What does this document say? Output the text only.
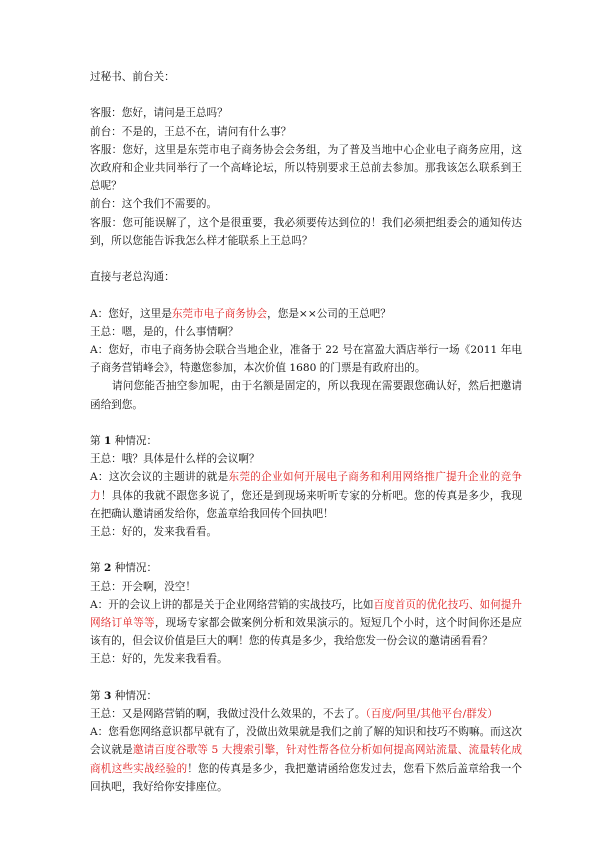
过秘书、前台关：

客服：您好，请问是王总吗？

前台：不是的，王总不在，请问有什么事？

客服：您好，这里是东莞市电子商务协会会务组，为了普及当地中心企业电子商务应用，这次政府和企业共同举行了一个高峰论坛，所以特别要求王总前去参加。那我该怎么联系到王总呢？

前台：这个我们不需要的。

客服：您可能误解了，这个是很重要，我必须要传达到位的！我们必须把组委会的通知传达到，所以您能告诉我怎么样才能联系上王总吗？

直接与老总沟通：

A：您好，这里是东莞市电子商务协会，您是××公司的王总吧？

王总：嗯，是的，什么事情啊？

A：您好，市电子商务协会联合当地企业，准备于 22 号在富盈大酒店举行一场《2011 年电子商务营销峰会》，特邀您参加，本次价值 1680 的门票是有政府出的。

请问您能否抽空参加呢，由于名额是固定的，所以我现在需要跟您确认好，然后把邀请函给到您。

第 1 种情况：

王总：哦？具体是什么样的会议啊？

A：这次会议的主题讲的就是东莞的企业如何开展电子商务和利用网络推广提升企业的竞争力！具体的我就不跟您多说了，您还是到现场来听听专家的分析吧。您的传真是多少，我现在把确认邀请函发给你，您盖章给我回传个回执吧！

王总：好的，发来我看看。

第 2 种情况：

王总：开会啊，没空！

A：开的会议上讲的都是关于企业网络营销的实战技巧，比如百度首页的优化技巧、如何提升网络订单等等，现场专家都会做案例分析和效果演示的。短短几个小时，这个时间你还是应该有的，但会议价值是巨大的啊！您的传真是多少，我给您发一份会议的邀请函看看？

王总：好的，先发来我看看。

第 3 种情况：

王总：又是网路营销的啊，我做过没什么效果的，不去了。（百度/阿里/其他平台/群发）

A：您看您网络意识都早就有了，没做出效果就是我们之前了解的知识和技巧不购嘛。而这次会议就是邀请百度谷歌等 5 大搜索引擎，针对性帮各位分析如何提高网站流量、流量转化成商机这些实战经验的！您的传真是多少，我把邀请函给您发过去，您看下然后盖章给我一个回执吧，我好给你安排座位。
